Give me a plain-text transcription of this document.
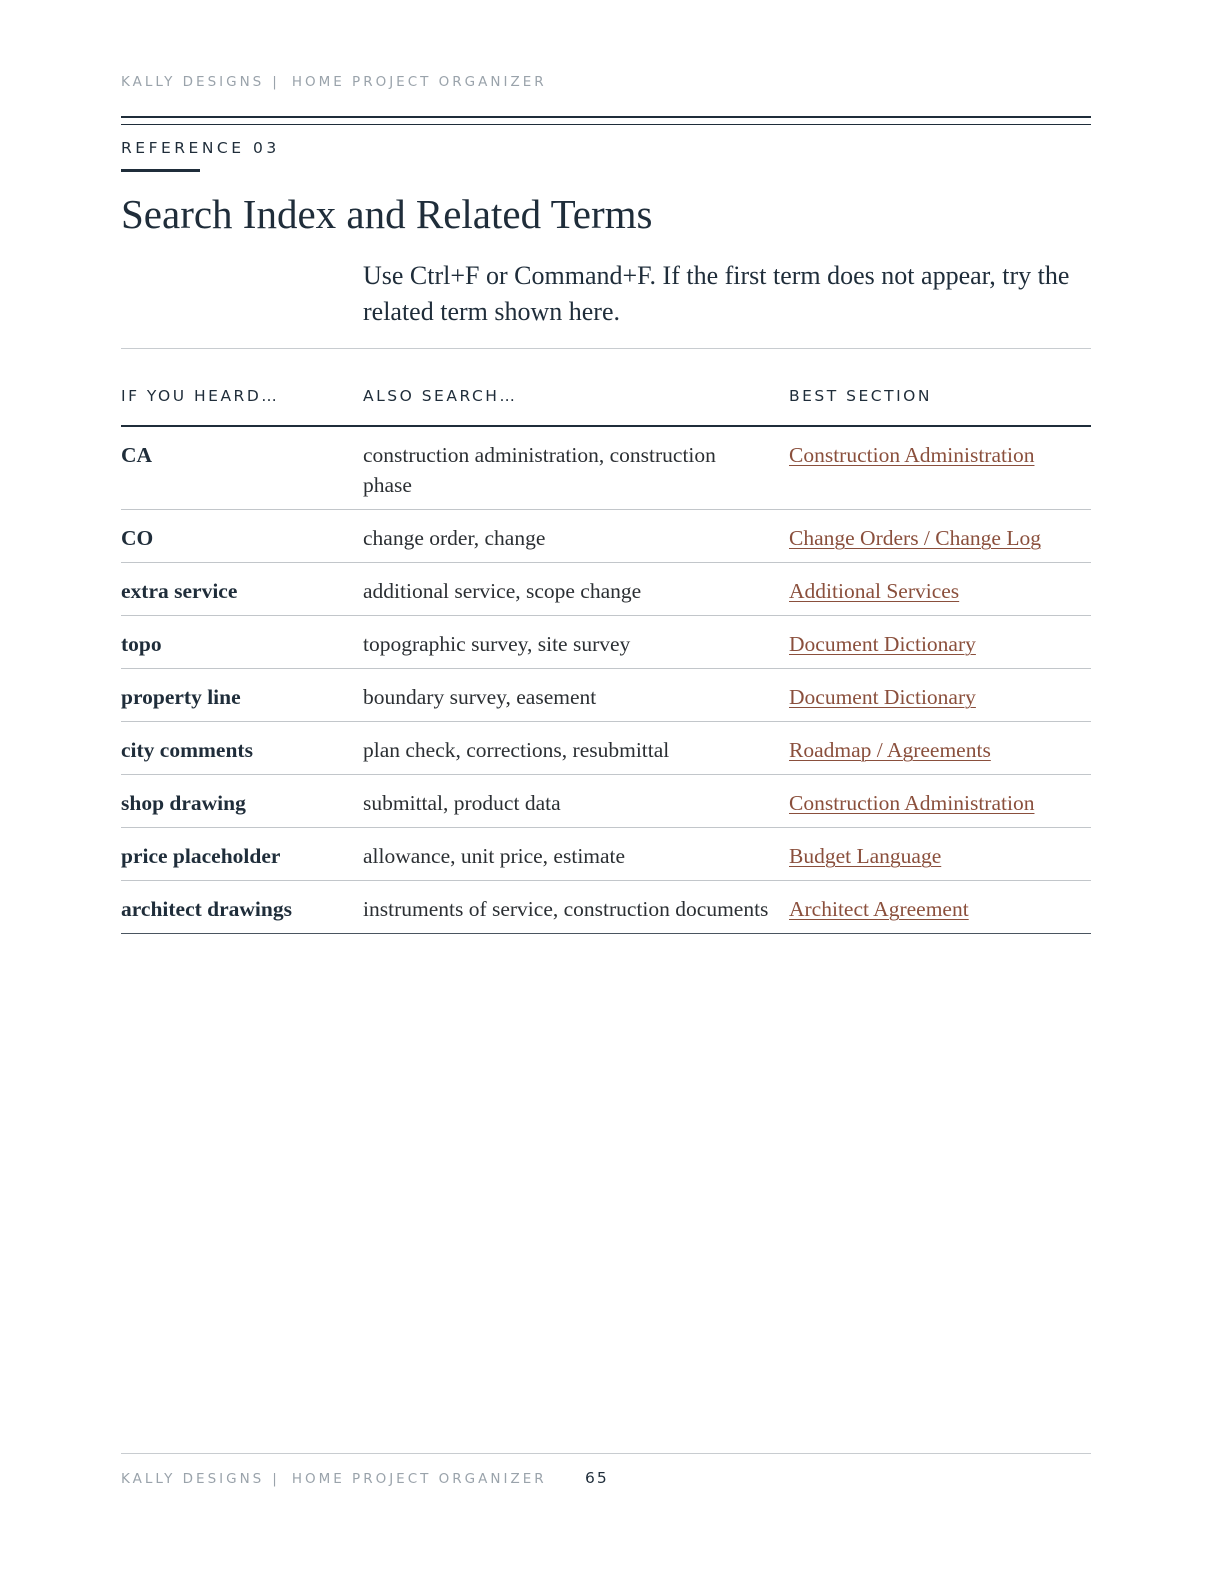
KALLY DESIGNS | HOME PROJECT ORGANIZER
REFERENCE 03
Search Index and Related Terms

Use Ctrl+F or Command+F. If the first term does not appear, try the related term shown here.

IF YOU HEARD…	ALSO SEARCH…	BEST SECTION
CA	construction administration, construction phase	Construction Administration
CO	change order, change	Change Orders / Change Log
extra service	additional service, scope change	Additional Services
topo	topographic survey, site survey	Document Dictionary
property line	boundary survey, easement	Document Dictionary
city comments	plan check, corrections, resubmittal	Roadmap / Agreements
shop drawing	submittal, product data	Construction Administration
price placeholder	allowance, unit price, estimate	Budget Language
architect drawings	instruments of service, construction documents	Architect Agreement
KALLY DESIGNS | HOME PROJECT ORGANIZER 65
